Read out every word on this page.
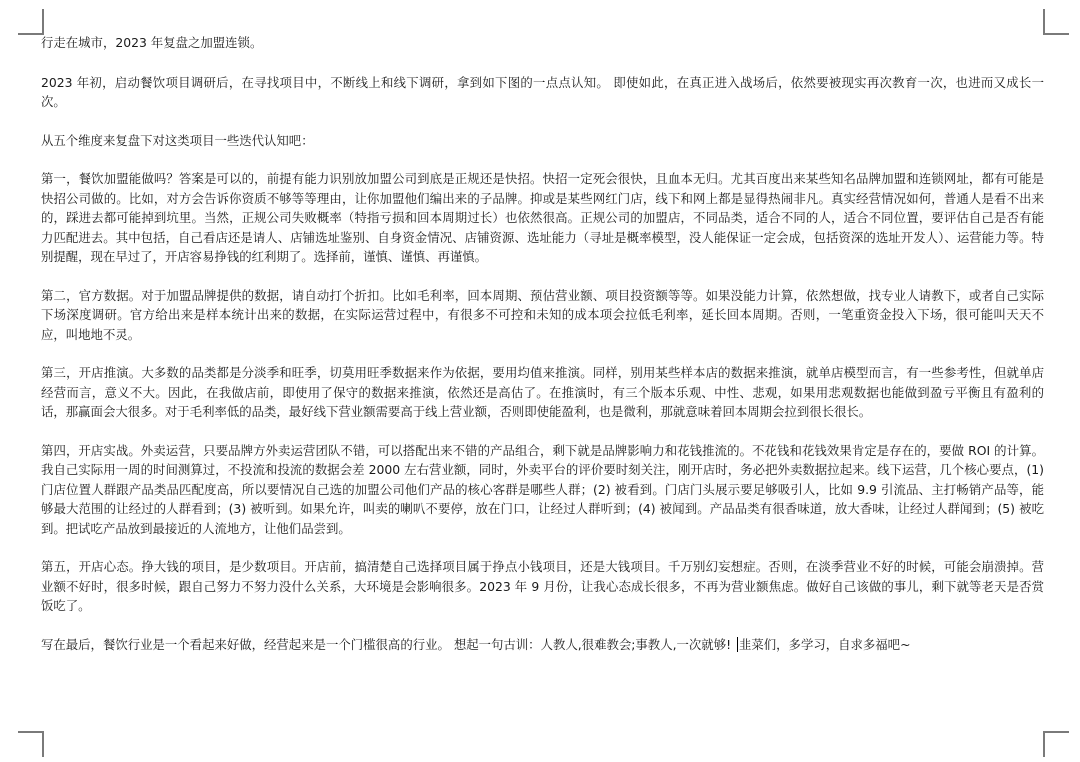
行走在城市，2023 年复盘之加盟连锁。

2023 年初，启动餐饮项目调研后，在寻找项目中，不断线上和线下调研，拿到如下图的一点点认知。 即使如此，在真正进入战场后，依然要被现实再次教育一次，也进而又成长一次。

从五个维度来复盘下对这类项目一些迭代认知吧：

第一，餐饮加盟能做吗？答案是可以的，前提有能力识别放加盟公司到底是正规还是快招。快招一定死会很快，且血本无归。尤其百度出来某些知名品牌加盟和连锁网址，都有可能是快招公司做的。比如，对方会告诉你资质不够等等理由，让你加盟他们编出来的子品牌。抑或是某些网红门店，线下和网上都是显得热闹非凡。真实经营情况如何，普通人是看不出来的，踩进去都可能掉到坑里。当然，正规公司失败概率（特指亏损和回本周期过长）也依然很高。正规公司的加盟店，不同品类，适合不同的人，适合不同位置，要评估自己是否有能力匹配进去。其中包括，自己看店还是请人、店铺选址鉴别、自身资金情况、店铺资源、选址能力（寻址是概率模型，没人能保证一定会成，包括资深的选址开发人）、运营能力等。特别提醒，现在早过了，开店容易挣钱的红利期了。选择前，谨慎、谨慎、再谨慎。

第二，官方数据。对于加盟品牌提供的数据，请自动打个折扣。比如毛利率，回本周期、预估营业额、项目投资额等等。如果没能力计算，依然想做，找专业人请教下，或者自己实际下场深度调研。官方给出来是样本统计出来的数据，在实际运营过程中，有很多不可控和未知的成本项会拉低毛利率，延长回本周期。否则，一笔重资金投入下场，很可能叫天天不应，叫地地不灵。

第三，开店推演。大多数的品类都是分淡季和旺季，切莫用旺季数据来作为依据，要用均值来推演。同样，别用某些样本店的数据来推演，就单店模型而言，有一些参考性，但就单店经营而言，意义不大。因此，在我做店前，即使用了保守的数据来推演，依然还是高估了。在推演时，有三个版本乐观、中性、悲观，如果用悲观数据也能做到盈亏平衡且有盈利的话，那赢面会大很多。对于毛利率低的品类，最好线下营业额需要高于线上营业额，否则即使能盈利，也是微利，那就意味着回本周期会拉到很长很长。

第四，开店实战。外卖运营，只要品牌方外卖运营团队不错，可以搭配出来不错的产品组合，剩下就是品牌影响力和花钱推流的。不花钱和花钱效果肯定是存在的，要做 ROI 的计算。我自己实际用一周的时间测算过，不投流和投流的数据会差 2000 左右营业额，同时，外卖平台的评价要时刻关注，刚开店时，务必把外卖数据拉起来。线下运营，几个核心要点，(1) 门店位置人群跟产品类品匹配度高，所以要情况自己选的加盟公司他们产品的核心客群是哪些人群；(2) 被看到。门店门头展示要足够吸引人，比如 9.9 引流品、主打畅销产品等，能够最大范围的让经过的人群看到；(3) 被听到。如果允许，叫卖的喇叭不要停，放在门口，让经过人群听到；(4) 被闻到。产品品类有很香味道，放大香味，让经过人群闻到；(5) 被吃到。把试吃产品放到最接近的人流地方，让他们品尝到。

第五，开店心态。挣大钱的项目，是少数项目。开店前，搞清楚自己选择项目属于挣点小钱项目，还是大钱项目。千万别幻妄想症。否则，在淡季营业不好的时候，可能会崩溃掉。营业额不好时，很多时候，跟自己努力不努力没什么关系，大环境是会影响很多。2023 年 9 月份，让我心态成长很多，不再为营业额焦虑。做好自己该做的事儿，剩下就等老天是否赏饭吃了。

写在最后，餐饮行业是一个看起来好做，经营起来是一个门槛很高的行业。 想起一句古训：人教人,很难教会;事教人,一次就够! 韭菜们，多学习，自求多福吧~
